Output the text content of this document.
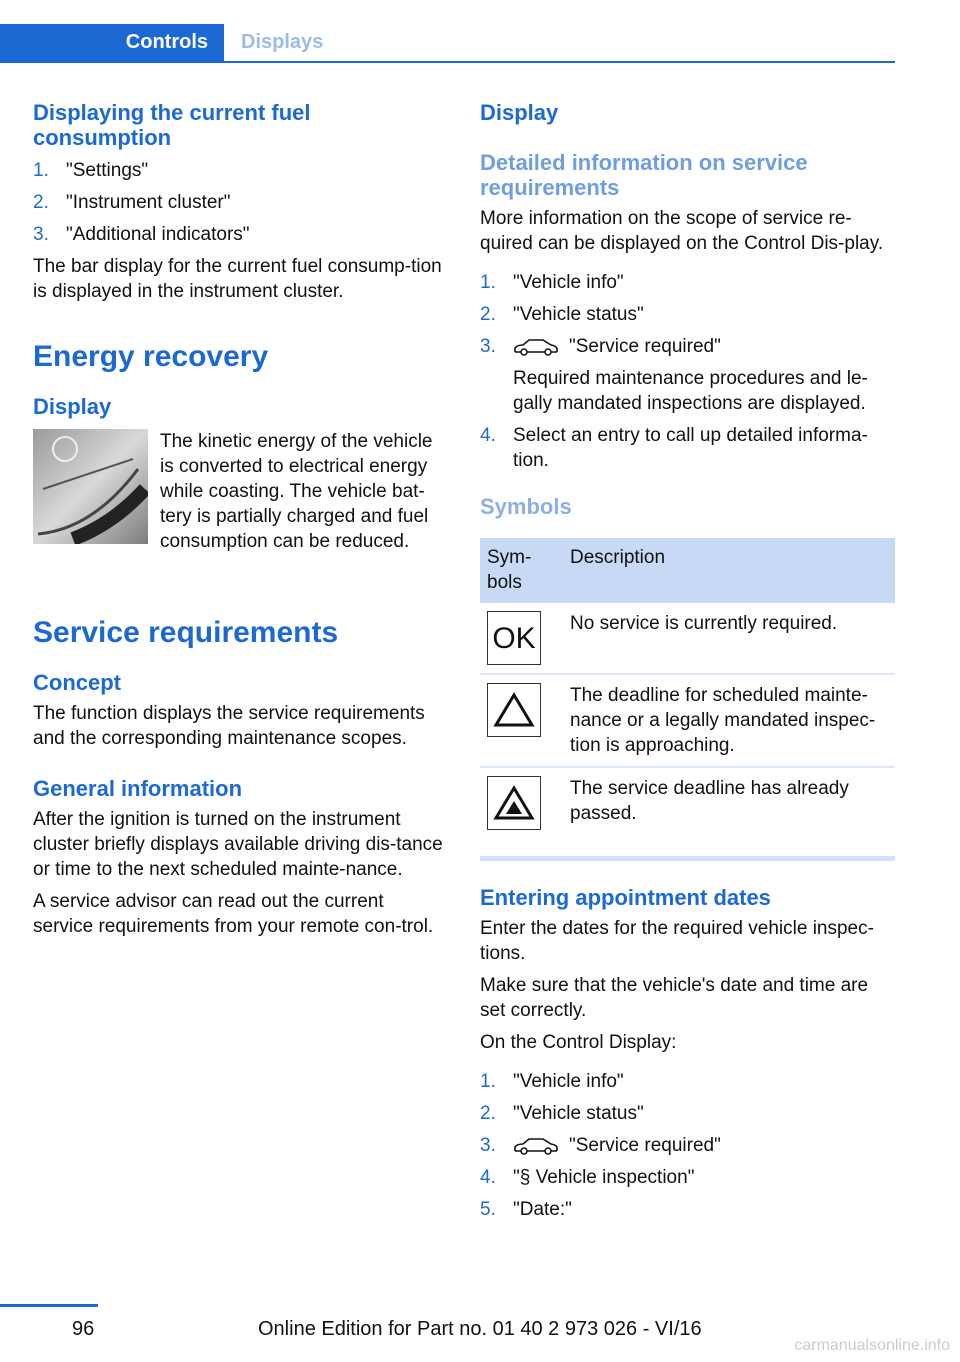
Controls	Displays
Displaying the current fuel consumption
1. "Settings"
2. "Instrument cluster"
3. "Additional indicators"

The bar display for the current fuel consump-tion is displayed in the instrument cluster.

Energy recovery
Display

The kinetic energy of the vehicle is converted to electrical energy while coasting. The vehicle bat-tery is partially charged and fuel consumption can be reduced.

Service requirements
Concept

The function displays the service requirements and the corresponding maintenance scopes.

General information

After the ignition is turned on the instrument cluster briefly displays available driving dis-tance or time to the next scheduled mainte-nance.

A service advisor can read out the current service requirements from your remote con-trol.

Display
Detailed information on service requirements

More information on the scope of service re-quired can be displayed on the Control Dis-play.

1. "Vehicle info"
2. "Vehicle status"
3.	"Service required"
Required maintenance procedures and le-gally mandated inspections are displayed.
4. Select an entry to call up detailed informa-tion.
Symbols
Sym-bols	Description

OK	No service is currently required.

	The deadline for scheduled mainte-nance or a legally mandated inspec-tion is approaching.

	The service deadline has already passed.
Entering appointment dates

Enter the dates for the required vehicle inspec-tions.

Make sure that the vehicle's date and time are set correctly.

On the Control Display:

1. "Vehicle info"
2. "Vehicle status"
3.	"Service required"
4. "§ Vehicle inspection"
5. "Date:"
96	Online Edition for Part no. 01 40 2 973 026 - VI/16
carmanualsonline.info
